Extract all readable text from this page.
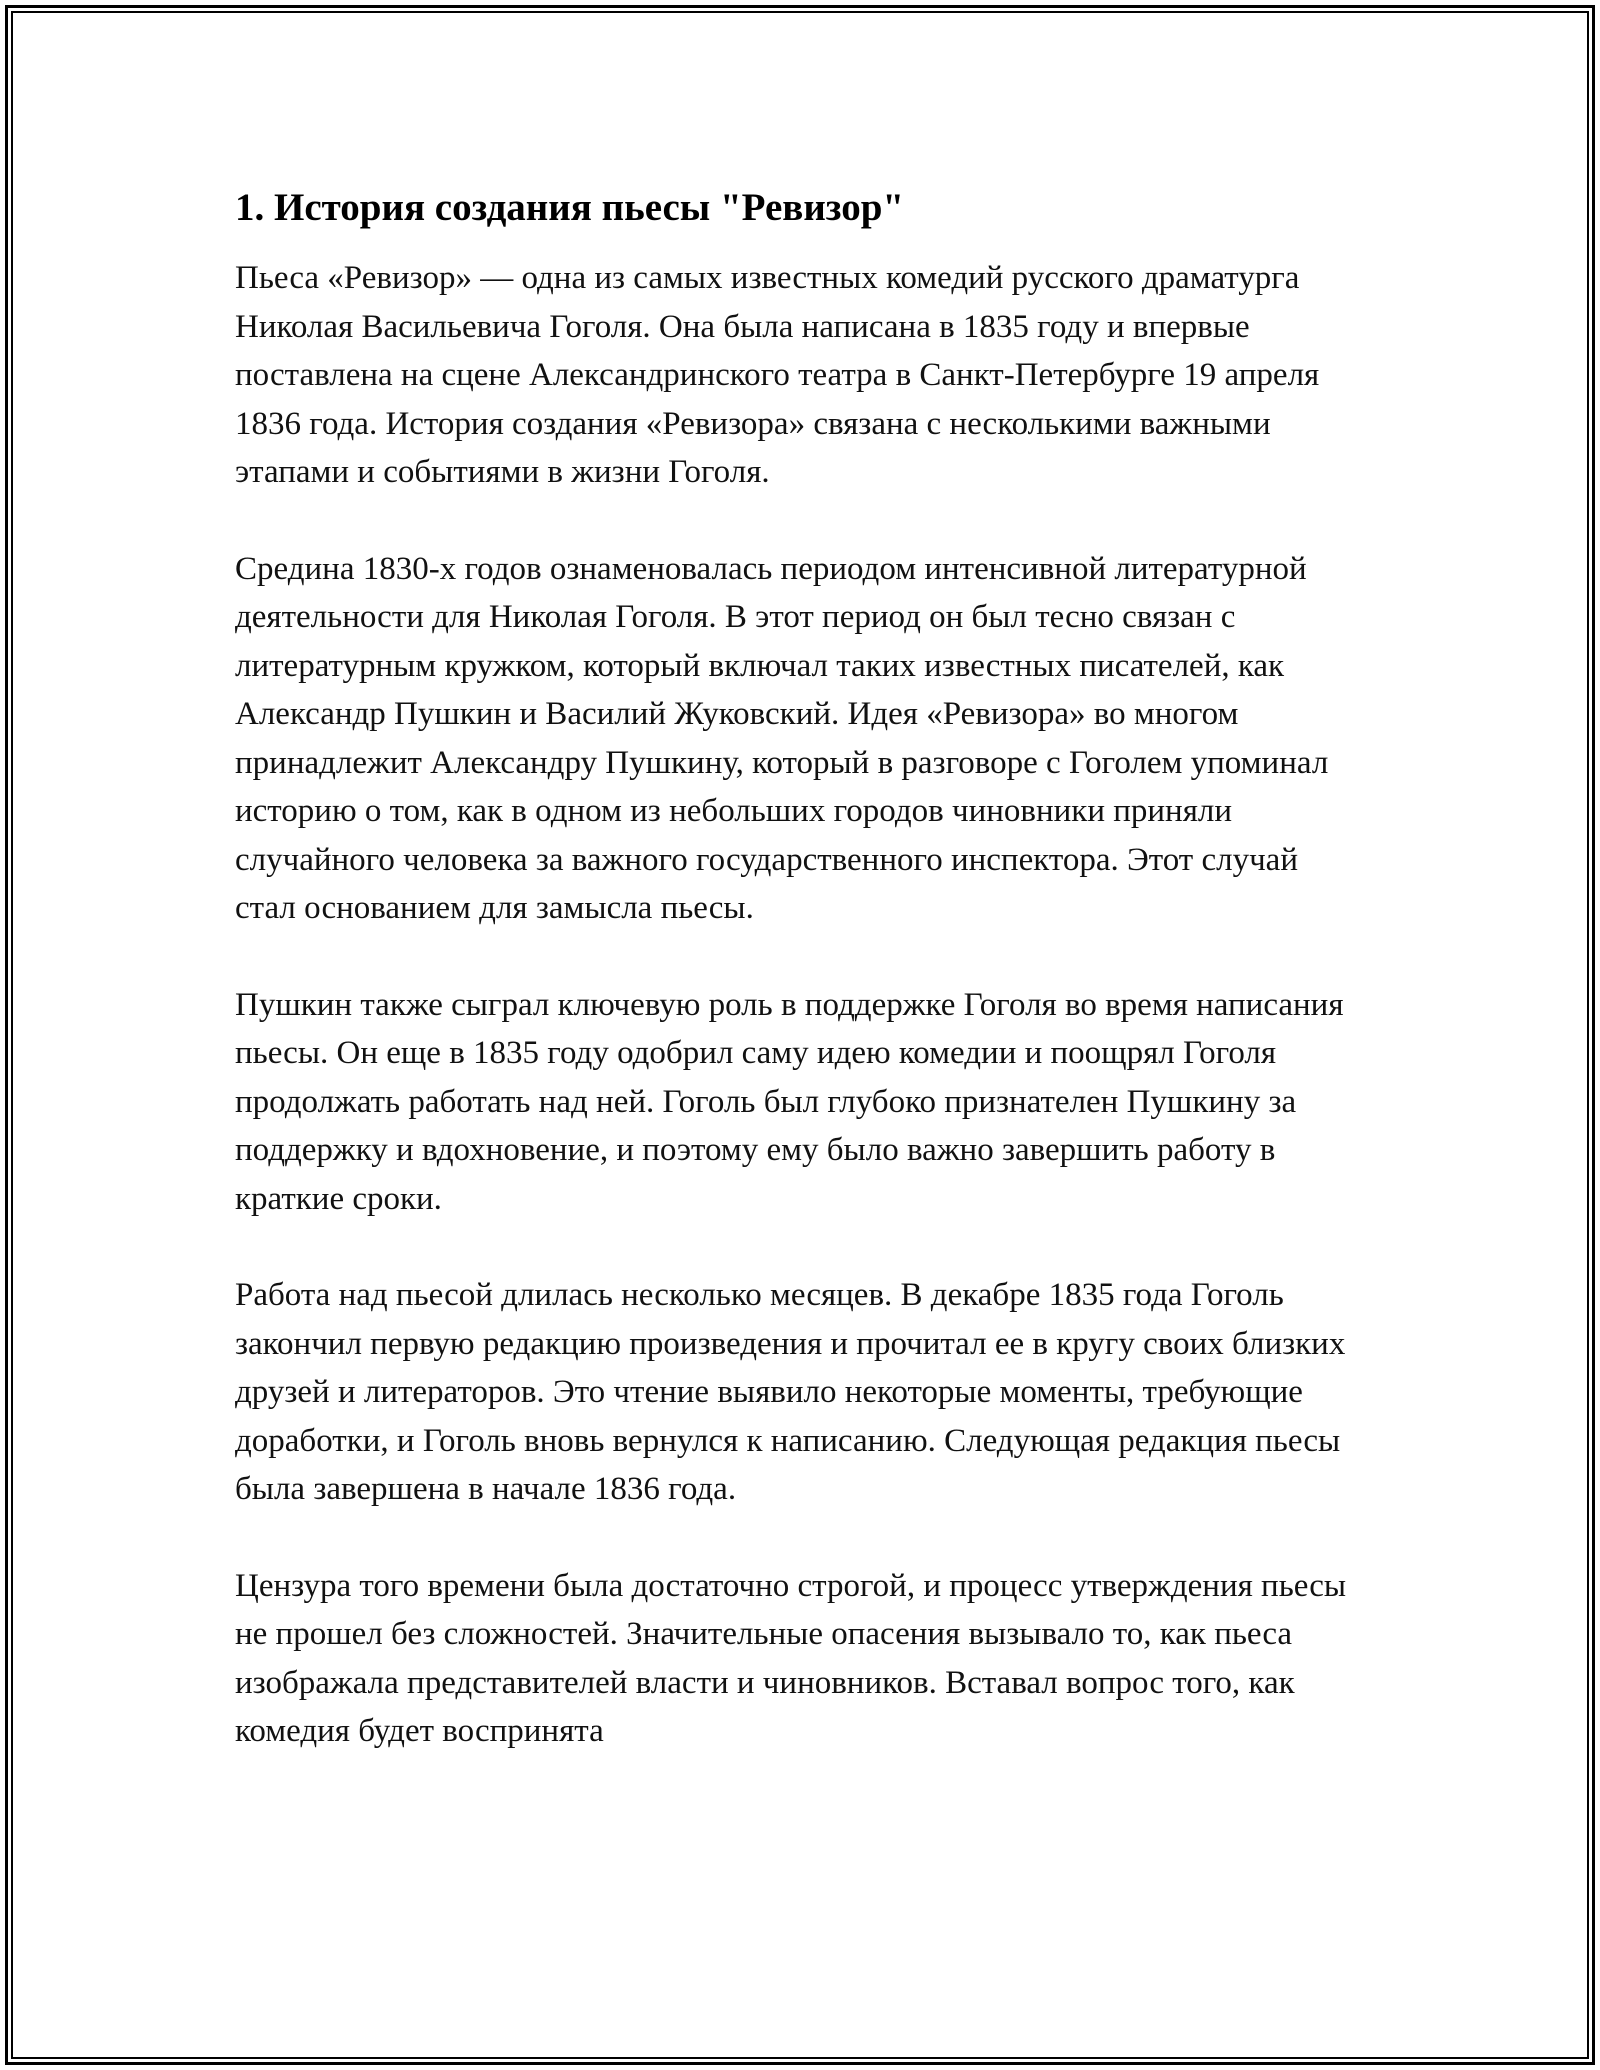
1. История создания пьесы "Ревизор"

Пьеса «Ревизор» — одна из самых известных комедий русского драматурга Николая Васильевича Гоголя. Она была написана в 1835 году и впервые поставлена на сцене Александринского театра в Санкт-Петербурге 19 апреля 1836 года. История создания «Ревизора» связана с несколькими важными этапами и событиями в жизни Гоголя.

Средина 1830-х годов ознаменовалась периодом интенсивной литературной деятельности для Николая Гоголя. В этот период он был тесно связан с литературным кружком, который включал таких известных писателей, как Александр Пушкин и Василий Жуковский. Идея «Ревизора» во многом принадлежит Александру Пушкину, который в разговоре с Гоголем упоминал историю о том, как в одном из небольших городов чиновники приняли случайного человека за важного государственного инспектора. Этот случай стал основанием для замысла пьесы.

Пушкин также сыграл ключевую роль в поддержке Гоголя во время написания пьесы. Он еще в 1835 году одобрил саму идею комедии и поощрял Гоголя продолжать работать над ней. Гоголь был глубоко признателен Пушкину за поддержку и вдохновение, и поэтому ему было важно завершить работу в краткие сроки.

Работа над пьесой длилась несколько месяцев. В декабре 1835 года Гоголь закончил первую редакцию произведения и прочитал ее в кругу своих близких друзей и литераторов. Это чтение выявило некоторые моменты, требующие доработки, и Гоголь вновь вернулся к написанию. Следующая редакция пьесы была завершена в начале 1836 года.

Цензура того времени была достаточно строгой, и процесс утверждения пьесы не прошел без сложностей. Значительные опасения вызывало то, как пьеса изображала представителей власти и чиновников. Вставал вопрос того, как комедия будет воспринята
